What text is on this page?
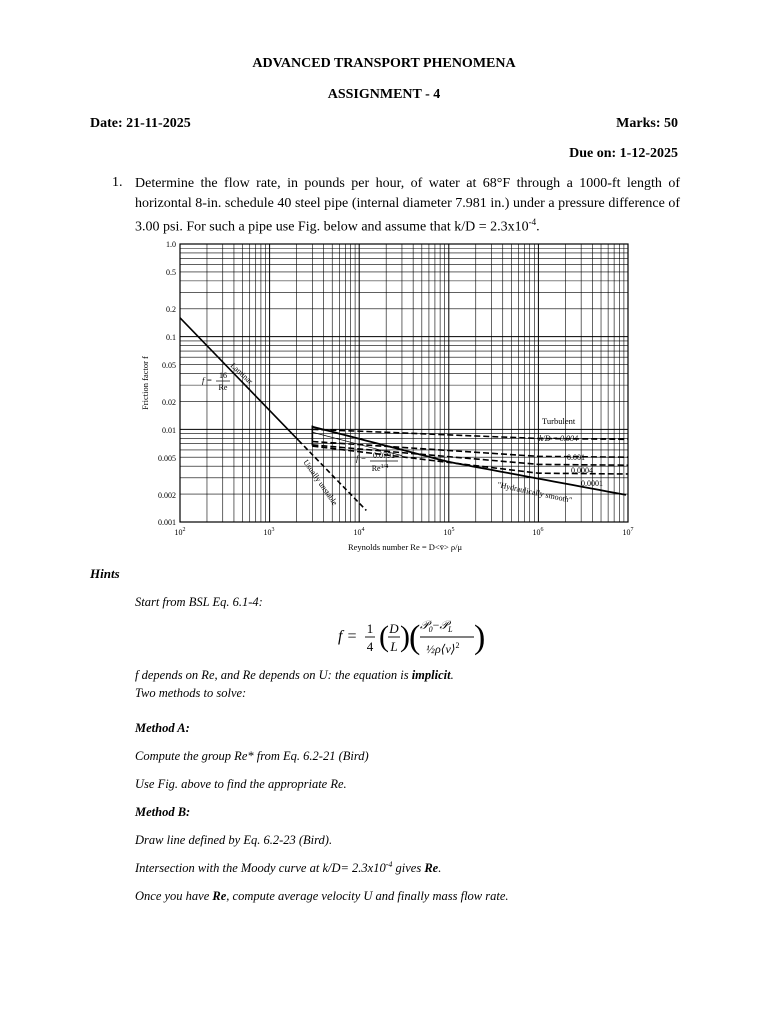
ADVANCED TRANSPORT PHENOMENA
ASSIGNMENT - 4
Date: 21-11-2025	Marks: 50
Due on: 1-12-2025
1. Determine the flow rate, in pounds per hour, of water at 68°F through a 1000-ft length of horizontal 8-in. schedule 40 steel pipe (internal diameter 7.981 in.) under a pressure difference of 3.00 psi. For such a pipe use Fig. below and assume that $k/D = 2.3x10^{-4}$.
1.0
0.5
0.2
0.1
0.05
0.02
0.01
0.005
0.002
0.001
$10^2$	$10^3$	$10^4$	$10^5$	$10^6$	$10^7$
Friction factor f
Reynolds number Re = D<v̄> ρ/μ
Laminar
f = 16
Re
Usually unstable f = 0.0791
$Re^{1/4}$
Turbulent
k/D = 0.004
0.001
0.0004
0.0001
"Hydraulically smooth"
Hints
Start from BSL Eq. 6.1-4:
f = 1
4 ( D
L ) ( 𝒫$_0$−𝒫$_L$
½ρ⟨v⟩$^2$ )
f depends on Re, and Re depends on U: the equation is implicit.
Two methods to solve:
Method A:
Compute the group Re* from Eq. 6.2-21 (Bird)
Use Fig. above to find the appropriate Re.
Method B:
Draw line defined by Eq. 6.2-23 (Bird).
Intersection with the Moody curve at $k/D= 2.3x10^{-4}$ gives Re.
Once you have Re, compute average velocity U and finally mass flow rate.
